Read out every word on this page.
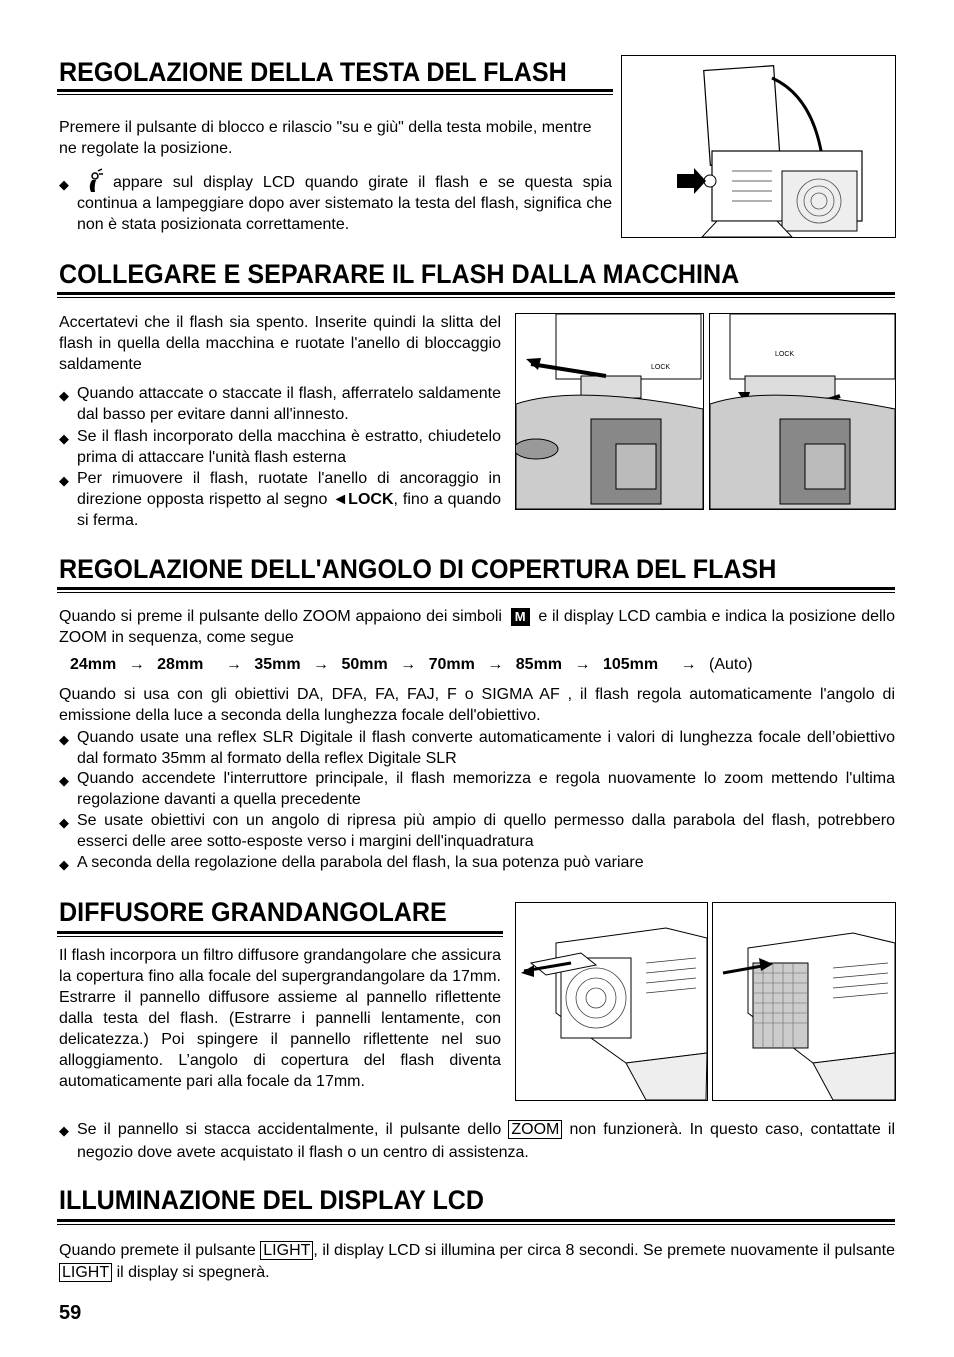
REGOLAZIONE DELLA TESTA DEL FLASH

Premere il pulsante di blocco e rilascio "su e giù" della testa mobile, mentre ne regolate la posizione.

◆	appare sul display LCD quando girate il flash e se questa spia continua a lampeggiare dopo aver sistemato la testa del flash, significa che non è stata posizionata correttamente.
COLLEGARE E SEPARARE IL FLASH DALLA MACCHINA

Accertatevi che il flash sia spento. Inserite quindi la slitta del flash in quella della macchina e ruotate l'anello di bloccaggio saldamente

◆ Quando attaccate o staccate il flash, afferratelo saldamente dal basso per evitare danni all'innesto.
◆ Se il flash incorporato della macchina è estratto, chiudetelo prima di attaccare l'unità flash esterna
◆ Per rimuovere il flash, ruotate l'anello di ancoraggio in direzione opposta rispetto al segno ◄LOCK, fino a quando si ferma.
LOCK
LOCK
REGOLAZIONE DELL'ANGOLO DI COPERTURA DEL FLASH
Quando si preme il pulsante dello ZOOM appaiono dei simboli M e il display LCD cambia e indica la posizione dello ZOOM in sequenza, come segue
24mm → 28mm → 35mm → 50mm → 70mm → 85mm → 105mm → (Auto)

Quando si usa con gli obiettivi DA, DFA, FA, FAJ, F o SIGMA AF , il flash regola automaticamente l'angolo di emissione della luce a seconda della lunghezza focale dell'obiettivo.

◆ Quando usate una reflex SLR Digitale il flash converte automaticamente i valori di lunghezza focale dell’obiettivo dal formato 35mm al formato della reflex Digitale SLR
◆ Quando accendete l'interruttore principale, il flash memorizza e regola nuovamente lo zoom mettendo l'ultima regolazione davanti a quella precedente
◆ Se usate obiettivi con un angolo di ripresa più ampio di quello permesso dalla parabola del flash, potrebbero esserci delle aree sotto-esposte verso i margini dell'inquadratura
◆ A seconda della regolazione della parabola del flash, la sua potenza può variare
DIFFUSORE GRANDANGOLARE

Il flash incorpora un filtro diffusore grandangolare che assicura la copertura fino alla focale del supergrandangolare da 17mm. Estrarre il pannello diffusore assieme al pannello riflettente dalla testa del flash. (Estrarre i pannelli lentamente, con delicatezza.) Poi spingere il pannello riflettente nel suo alloggiamento. L’angolo di copertura del flash diventa automaticamente pari alla focale da 17mm.

◆ Se il pannello si stacca accidentalmente, il pulsante dello ZOOM non funzionerà. In questo caso, contattate il negozio dove avete acquistato il flash o un centro di assistenza.
ILLUMINAZIONE DEL DISPLAY LCD
Quando premete il pulsante LIGHT , il display LCD si illumina per circa 8 secondi. Se premete nuovamente il pulsante LIGHT il display si spegnerà.
59
